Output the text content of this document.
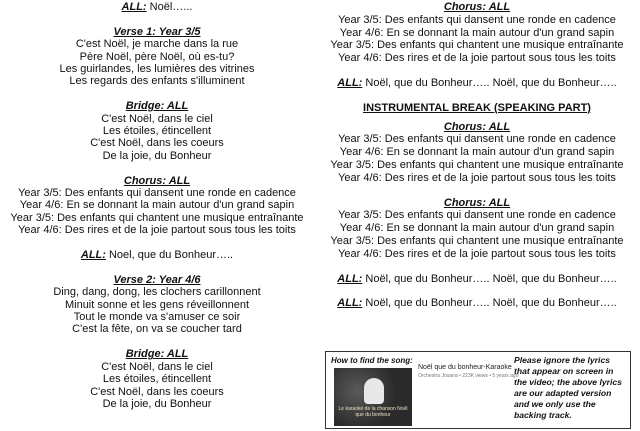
ALL: Noël…...
Verse 1: Year 3/5
C'est Noël, je marche dans la rue
Père Noël, père Noël, où es-tu?
Les guirlandes, les lumières des vitrines
Les regards des enfants s'illuminent
Bridge: ALL
C'est Noël, dans le ciel
Les étoiles, étincellent
C'est Noël, dans les coeurs
De la joie, du Bonheur
Chorus: ALL
Year 3/5: Des enfants qui dansent une ronde en cadence
Year 4/6: En se donnant la main autour d'un grand sapin
Year 3/5: Des enfants qui chantent une musique entraînante
Year 4/6: Des rires et de la joie partout sous tous les toits
ALL: Noel, que du Bonheur…..
Verse 2: Year 4/6
Ding, dang, dong, les clochers carillonnent
Minuit sonne et les gens réveillonnent
Tout le monde va s'amuser ce soir
C'est la fête, on va se coucher tard
Bridge: ALL
C'est Noël, dans le ciel
Les étoiles, étincellent
C'est Noël, dans les coeurs
De la joie, du Bonheur
Chorus: ALL
Year 3/5: Des enfants qui dansent une ronde en cadence
Year 4/6: En se donnant la main autour d'un grand sapin
Year 3/5: Des enfants qui chantent une musique entraînante
Year 4/6: Des rires et de la joie partout sous tous les toits
ALL: Noël, que du Bonheur….. Noël, que du Bonheur…..
INSTRUMENTAL BREAK (SPEAKING PART)
Chorus: ALL
Year 3/5: Des enfants qui dansent une ronde en cadence
Year 4/6: En se donnant la main autour d'un grand sapin
Year 3/5: Des enfants qui chantent une musique entraînante
Year 4/6: Des rires et de la joie partout sous tous les toits
Chorus: ALL
Year 3/5: Des enfants qui dansent une ronde en cadence
Year 4/6: En se donnant la main autour d'un grand sapin
Year 3/5: Des enfants qui chantent une musique entraînante
Year 4/6: Des rires et de la joie partout sous tous les toits
ALL: Noël, que du Bonheur….. Noël, que du Bonheur…..
ALL: Noël, que du Bonheur….. Noël, que du Bonheur…..
How to find the song:
Le karaoké de la chanson Noël que du bonheur
Noël que du bonheur-Karaoke
Orchestra Jouana • 223K views • 5 years ago
Please ignore the lyrics that appear on screen in the video; the above lyrics are our adapted version and we only use the backing track.
